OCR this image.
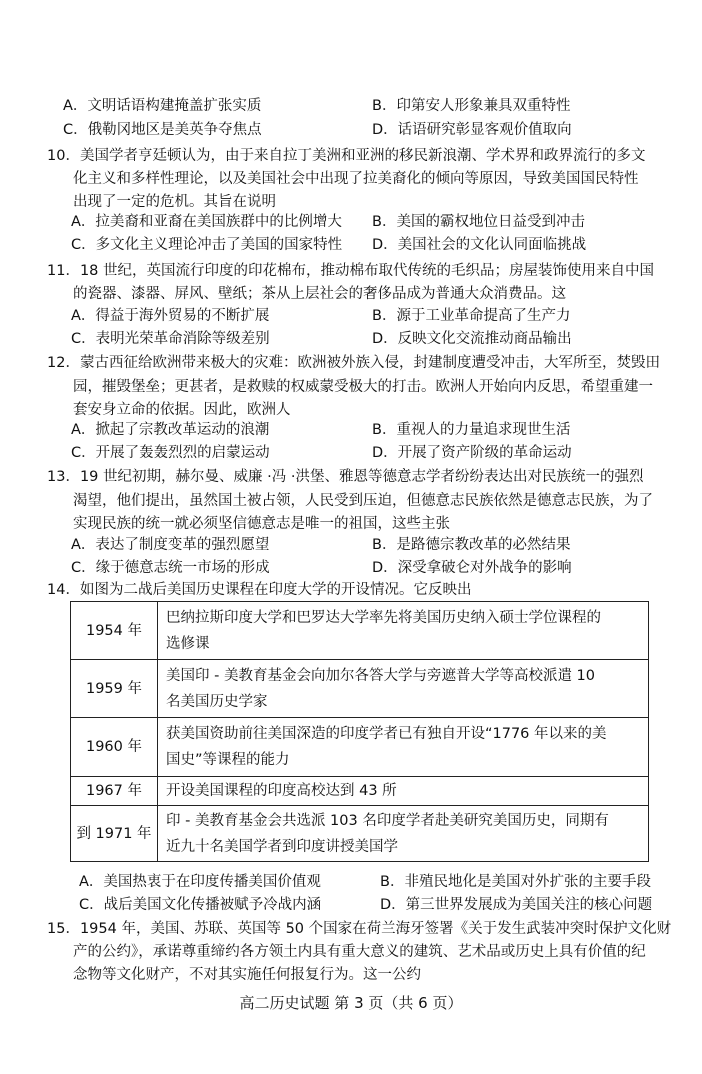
A．文明话语构建掩盖扩张实质	B．印第安人形象兼具双重特性
C．俄勒冈地区是美英争夺焦点	D．话语研究彰显客观价值取向
10．美国学者亨廷顿认为，由于来自拉丁美洲和亚洲的移民新浪潮、学术界和政界流行的多文
化主义和多样性理论，以及美国社会中出现了拉美裔化的倾向等原因，导致美国国民特性
出现了一定的危机。其旨在说明
A．拉美裔和亚裔在美国族群中的比例增大 B．美国的霸权地位日益受到冲击
C．多文化主义理论冲击了美国的国家特性 D．美国社会的文化认同面临挑战
11．18 世纪，英国流行印度的印花棉布，推动棉布取代传统的毛织品；房屋装饰使用来自中国
的瓷器、漆器、屏风、壁纸；茶从上层社会的奢侈品成为普通大众消费品。这
A．得益于海外贸易的不断扩展	B．源于工业革命提高了生产力
C．表明光荣革命消除等级差别	D．反映文化交流推动商品输出
12．蒙古西征给欧洲带来极大的灾难：欧洲被外族入侵，封建制度遭受冲击，大军所至，焚毁田
园，摧毁堡垒；更甚者，是救赎的权威蒙受极大的打击。欧洲人开始向内反思，希望重建一
套安身立命的依据。因此，欧洲人
A．掀起了宗教改革运动的浪潮	B．重视人的力量追求现世生活
C．开展了轰轰烈烈的启蒙运动	D．开展了资产阶级的革命运动
13．19 世纪初期，赫尔曼、威廉 ·冯 ·洪堡、雅恩等德意志学者纷纷表达出对民族统一的强烈
渴望，他们提出，虽然国土被占领，人民受到压迫，但德意志民族依然是德意志民族，为了
实现民族的统一就必须坚信德意志是唯一的祖国，这些主张
A．表达了制度变革的强烈愿望	B．是路德宗教改革的必然结果
C．缘于德意志统一市场的形成	D．深受拿破仑对外战争的影响
14．如图为二战后美国历史课程在印度大学的开设情况。它反映出
1954 年	巴纳拉斯印度大学和巴罗达大学率先将美国历史纳入硕士学位课程的
选修课

1959 年	美国印 - 美教育基金会向加尔各答大学与旁遮普大学等高校派遣 10
名美国历史学家

1960 年	获美国资助前往美国深造的印度学者已有独自开设“1776 年以来的美
国史”等课程的能力

1967 年	开设美国课程的印度高校达到 43 所

到 1971 年	印 - 美教育基金会共选派 103 名印度学者赴美研究美国历史，同期有
近九十名美国学者到印度讲授美国学
A．美国热衷于在印度传播美国价值观	B．非殖民地化是美国对外扩张的主要手段
C．战后美国文化传播被赋予冷战内涵	D．第三世界发展成为美国关注的核心问题
15．1954 年，美国、苏联、英国等 50 个国家在荷兰海牙签署《关于发生武装冲突时保护文化财
产的公约》，承诺尊重缔约各方领土内具有重大意义的建筑、艺术品或历史上具有价值的纪
念物等文化财产，不对其实施任何报复行为。这一公约
高二历史试题 第 3 页（共 6 页）
